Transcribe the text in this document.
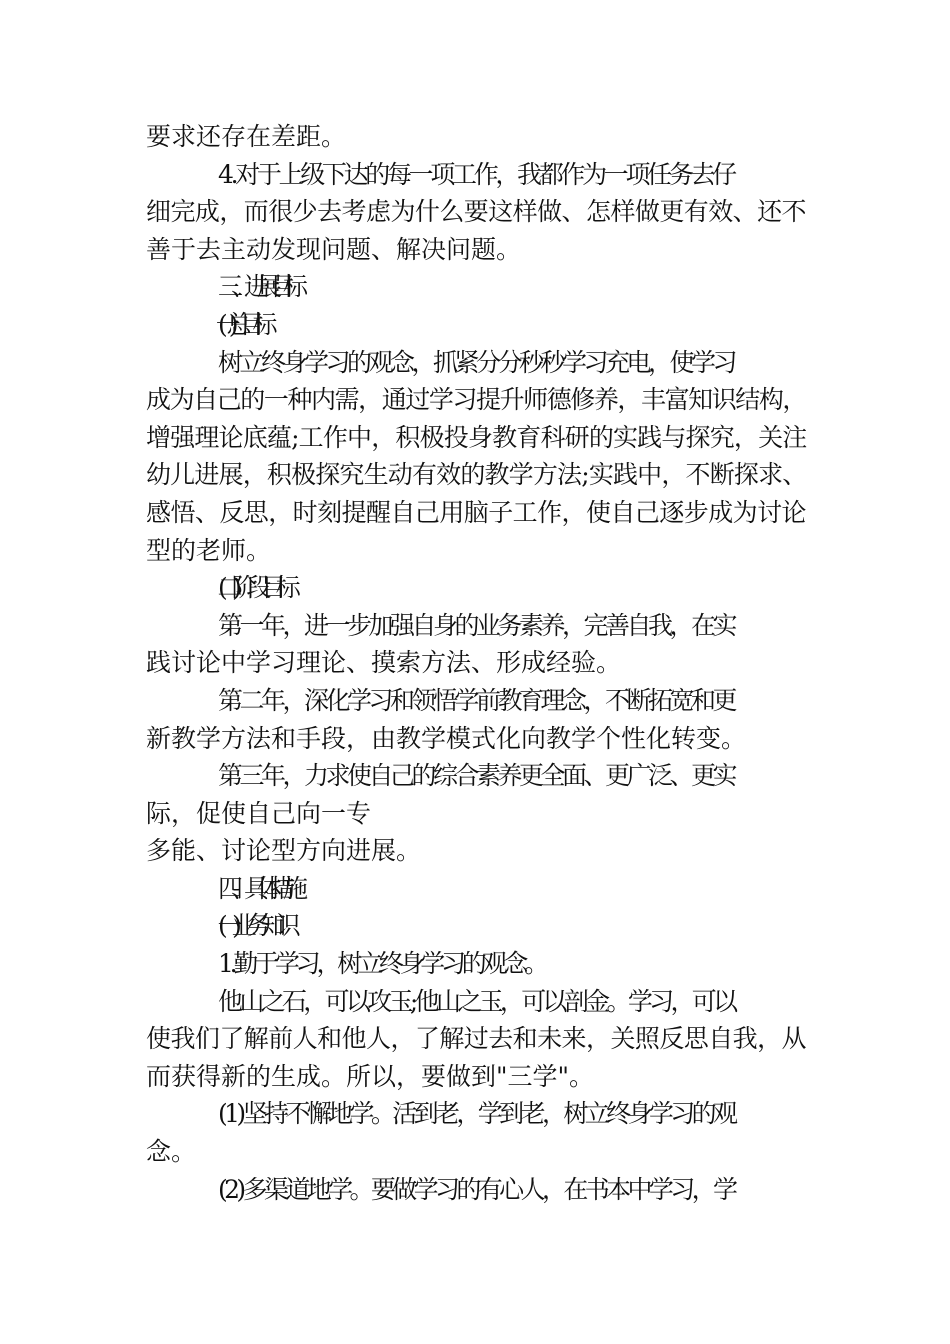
要求还存在差距。
4.对于上级下达的每一项工作，我都作为一项任务去仔
细完成，而很少去考虑为什么要这样做、怎样做更有效、还不
善于去主动发现问题、解决问题。
三、进展目标
(一)总目标
树立终身学习的观念，抓紧分分秒秒学习充电，使学习
成为自己的一种内需，通过学习提升师德修养，丰富知识结构，
增强理论底蕴;工作中，积极投身教育科研的实践与探究，关注
幼儿进展，积极探究生动有效的教学方法;实践中，不断探求、
感悟、反思，时刻提醒自己用脑子工作，使自己逐步成为讨论
型的老师。
(二)阶段目标
第一年，进一步加强自身的业务素养，完善自我，在实
践讨论中学习理论、摸索方法、形成经验。
第二年，深化学习和领悟学前教育理念，不断拓宽和更
新教学方法和手段，由教学模式化向教学个性化转变。
第三年，力求使自己的综合素养更全面、更广泛、更实
际，促使自己向一专
多能、讨论型方向进展。
四、具体措施
(一)业务知识
1.勤于学习，树立终身学习的观念。
他山之石，可以攻玉;他山之玉，可以剖金。学习，可以
使我们了解前人和他人，了解过去和未来，关照反思自我，从
而获得新的生成。所以，要做到"三学"。
(1)坚持不懈地学。活到老，学到老，树立终身学习的观
念。
(2)多渠道地学。要做学习的有心人，在书本中学习，学
